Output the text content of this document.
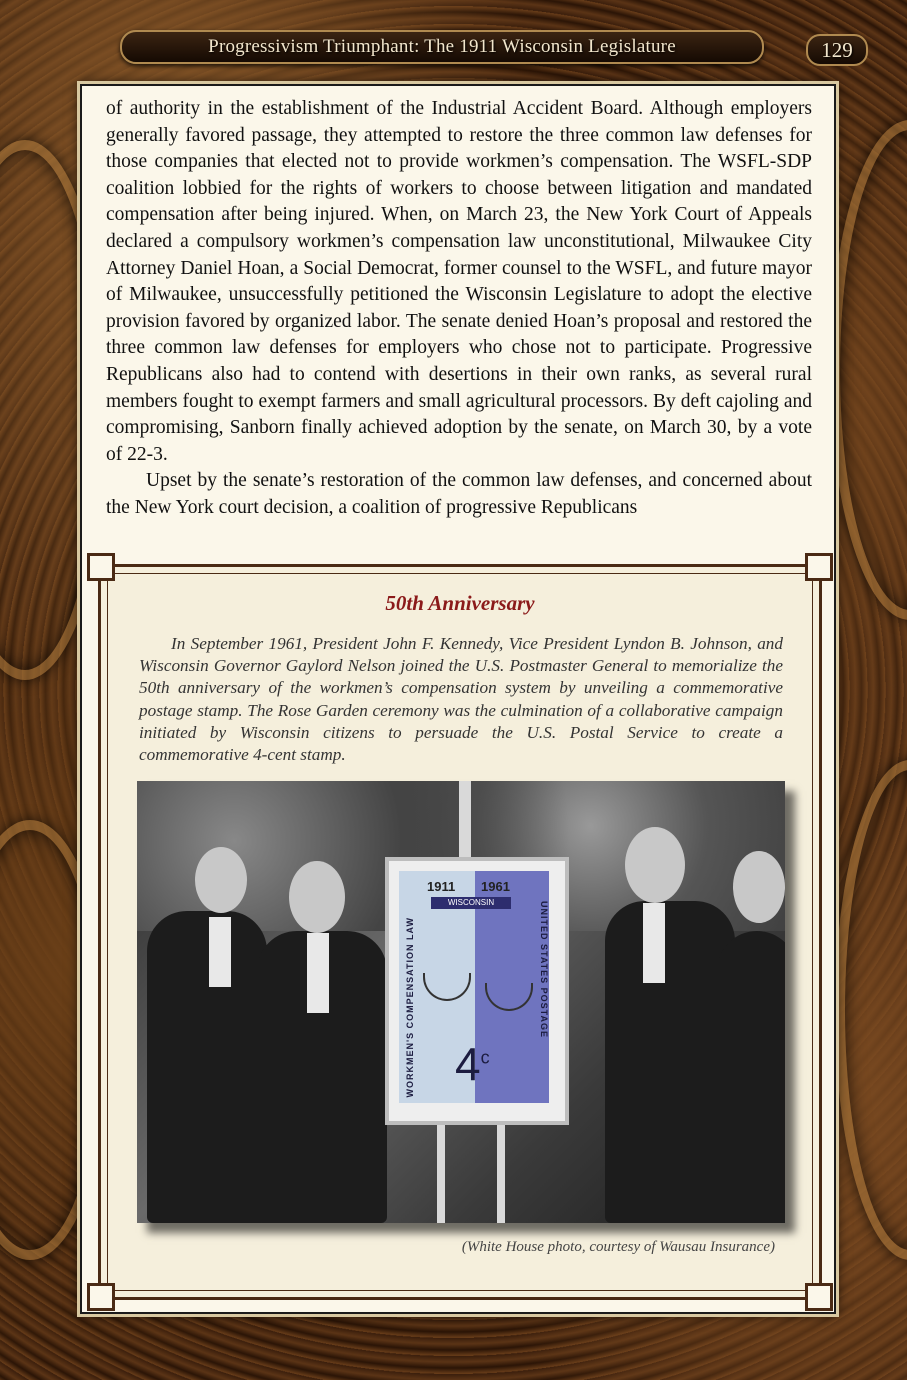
Progressivism Triumphant: The 1911 Wisconsin Legislature	129

of authority in the establishment of the Industrial Accident Board. Although employers generally favored passage, they attempted to restore the three common law defenses for those companies that elected not to provide workmen’s compensation. The WSFL-SDP coalition lobbied for the rights of workers to choose between litigation and mandated compensation after being injured. When, on March 23, the New York Court of Appeals declared a compulsory workmen’s compensation law unconstitutional, Milwaukee City Attorney Daniel Hoan, a Social Democrat, former counsel to the WSFL, and future mayor of Milwaukee, unsuccessfully petitioned the Wisconsin Legislature to adopt the elective provision favored by organized labor. The senate denied Hoan’s proposal and restored the three common law defenses for employers who chose not to participate. Progressive Republicans also had to contend with desertions in their own ranks, as several rural members fought to exempt farmers and small agricultural processors. By deft cajoling and compromising, Sanborn finally achieved adoption by the senate, on March 30, by a vote of 22-3.

Upset by the senate’s restoration of the common law defenses, and concerned about the New York court decision, a coalition of progressive Republicans

50th Anniversary
In September 1961, President John F. Kennedy, Vice President Lyndon B. Johnson, and Wisconsin Governor Gaylord Nelson joined the U.S. Postmaster General to memorialize the 50th anniversary of the workmen’s compensation system by unveiling a commemorative postage stamp. The Rose Garden ceremony was the culmination of a collaborative campaign initiated by Wisconsin citizens to persuade the U.S. Postal Service to create a commemorative 4-cent stamp.
1911 1961
WISCONSIN
WORKMEN'S COMPENSATION LAW	UNITED STATES POSTAGE
4$^c$
(White House photo, courtesy of Wausau Insurance)
